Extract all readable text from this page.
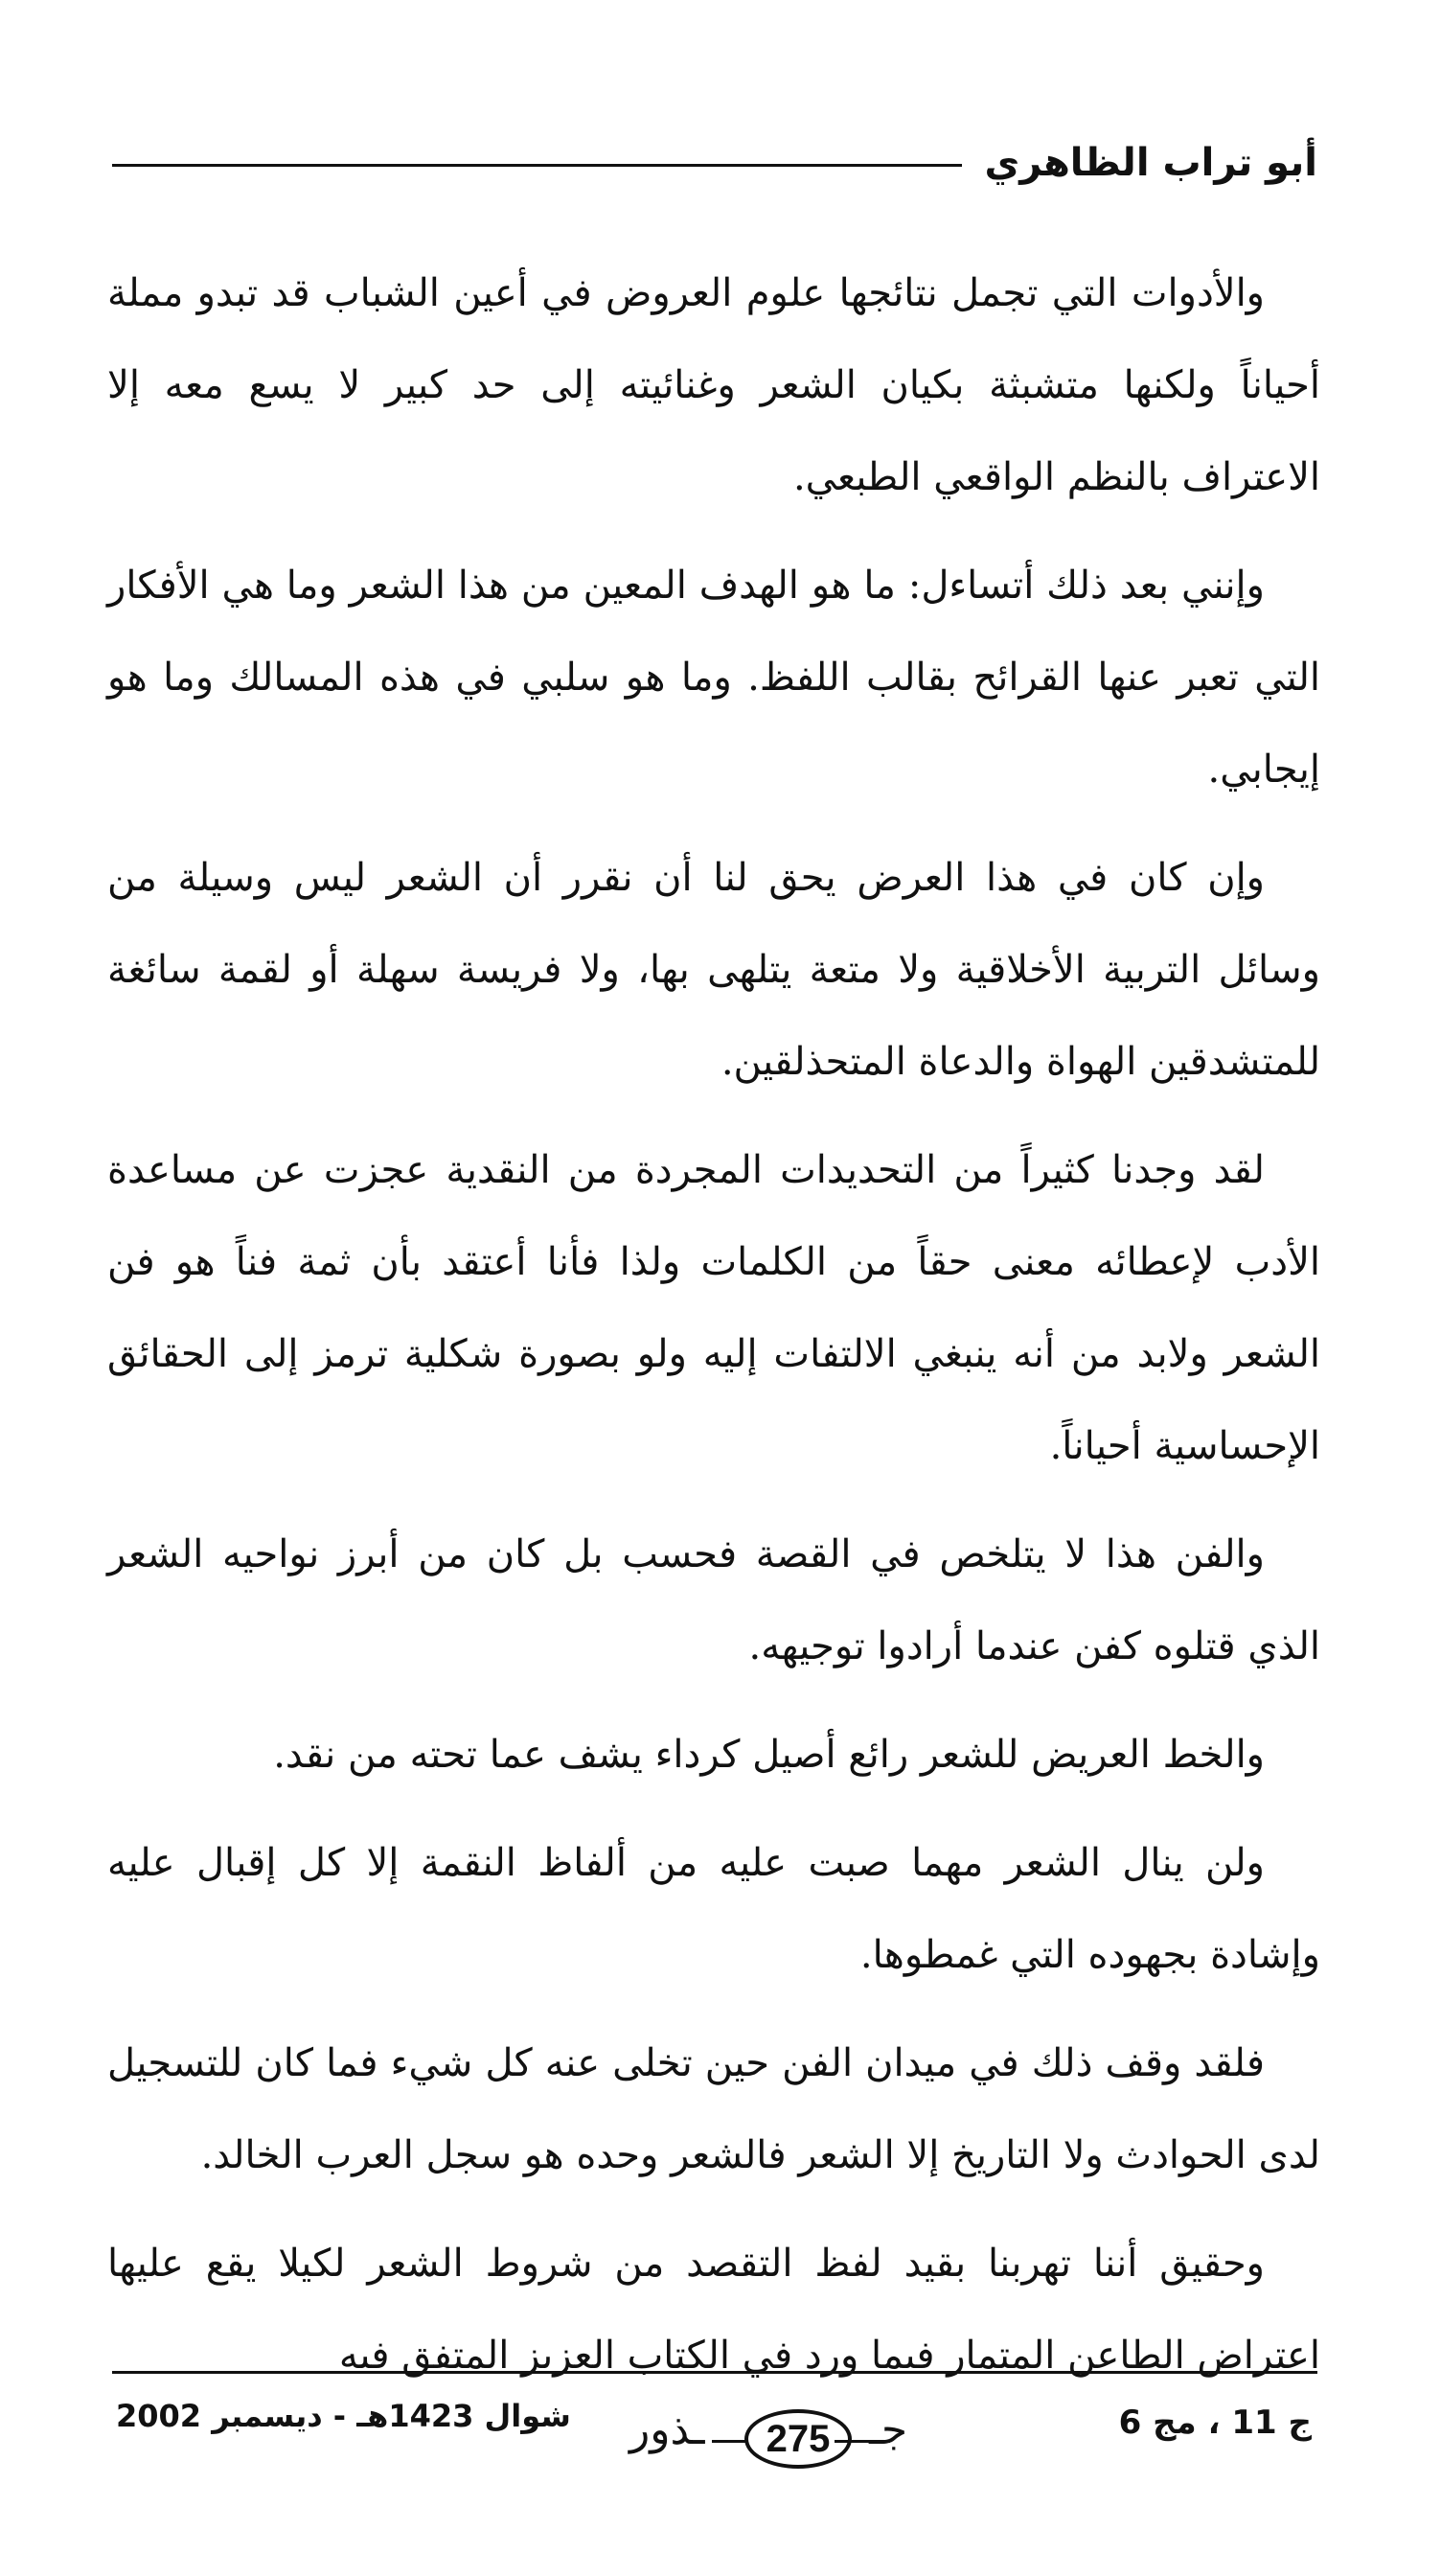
أبو تراب الظاهري

والأدوات التي تجمل نتائجها علوم العروض في أعين الشباب قد تبدو مملة أحياناً ولكنها متشبثة بكيان الشعر وغنائيته إلى حد كبير لا يسع معه إلا الاعتراف بالنظم الواقعي الطبعي.

وإنني بعد ذلك أتساءل: ما هو الهدف المعين من هذا الشعر وما هي الأفكار التي تعبر عنها القرائح بقالب اللفظ. وما هو سلبي في هذه المسالك وما هو إيجابي.

وإن كان في هذا العرض يحق لنا أن نقرر أن الشعر ليس وسيلة من وسائل التربية الأخلاقية ولا متعة يتلهى بها، ولا فريسة سهلة أو لقمة سائغة للمتشدقين الهواة والدعاة المتحذلقين.

لقد وجدنا كثيراً من التحديدات المجردة من النقدية عجزت عن مساعدة الأدب لإعطائه معنى حقاً من الكلمات ولذا فأنا أعتقد بأن ثمة فناً هو فن الشعر ولابد من أنه ينبغي الالتفات إليه ولو بصورة شكلية ترمز إلى الحقائق الإحساسية أحياناً.

والفن هذا لا يتلخص في القصة فحسب بل كان من أبرز نواحيه الشعر الذي قتلوه كفن عندما أرادوا توجيهه.

والخط العريض للشعر رائع أصيل كرداء يشف عما تحته من نقد.

ولن ينال الشعر مهما صبت عليه من ألفاظ النقمة إلا كل إقبال عليه وإشادة بجهوده التي غمطوها.

فلقد وقف ذلك في ميدان الفن حين تخلى عنه كل شيء فما كان للتسجيل لدى الحوادث ولا التاريخ إلا الشعر فالشعر وحده هو سجل العرب الخالد.

وحقيق أننا تهربنا بقيد لفظ التقصد من شروط الشعر لكيلا يقع عليها اعتراض الطاعن المتمار فيما ورد في الكتاب العزيز المتفق فيه

ج 11 ، مج 6
جـ
275
ـذور
شوال 1423هـ - ديسمبر 2002
